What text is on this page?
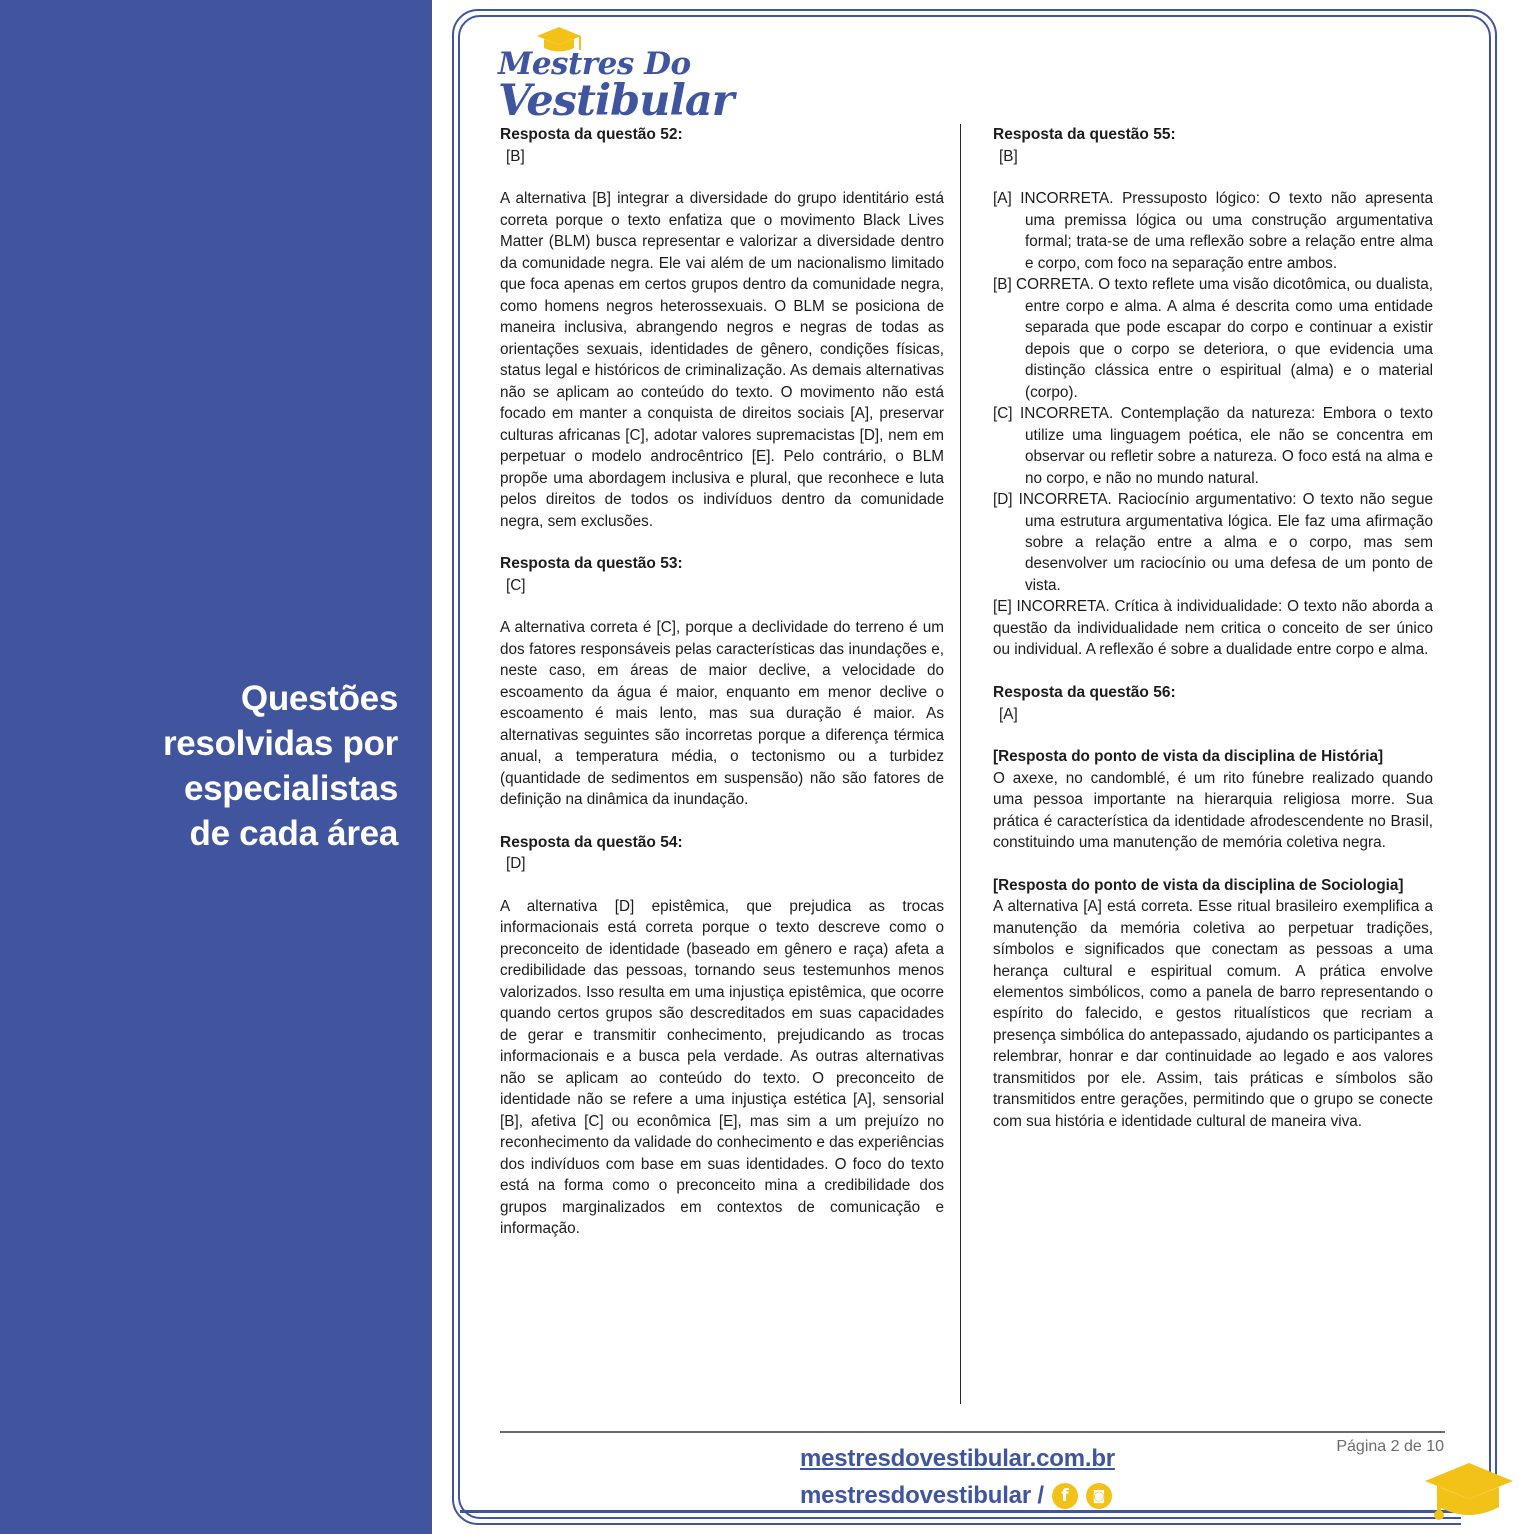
Questões
resolvidas por
especialistas
de cada área
Mestres Do
Vestibular

Resposta da questão 52:

[B]

A alternativa [B] integrar a diversidade do grupo identitário está correta porque o texto enfatiza que o movimento Black Lives Matter (BLM) busca representar e valorizar a diversidade dentro da comunidade negra. Ele vai além de um nacionalismo limitado que foca apenas em certos grupos dentro da comunidade negra, como homens negros heterossexuais. O BLM se posiciona de maneira inclusiva, abrangendo negros e negras de todas as orientações sexuais, identidades de gênero, condições físicas, status legal e históricos de criminalização. As demais alternativas não se aplicam ao conteúdo do texto. O movimento não está focado em manter a conquista de direitos sociais [A], preservar culturas africanas [C], adotar valores supremacistas [D], nem em perpetuar o modelo androcêntrico [E]. Pelo contrário, o BLM propõe uma abordagem inclusiva e plural, que reconhece e luta pelos direitos de todos os indivíduos dentro da comunidade negra, sem exclusões.

Resposta da questão 53:

[C]

A alternativa correta é [C], porque a declividade do terreno é um dos fatores responsáveis pelas características das inundações e, neste caso, em áreas de maior declive, a velocidade do escoamento da água é maior, enquanto em menor declive o escoamento é mais lento, mas sua duração é maior. As alternativas seguintes são incorretas porque a diferença térmica anual, a temperatura média, o tectonismo ou a turbidez (quantidade de sedimentos em suspensão) não são fatores de definição na dinâmica da inundação.

Resposta da questão 54:

[D]

A alternativa [D] epistêmica, que prejudica as trocas informacionais está correta porque o texto descreve como o preconceito de identidade (baseado em gênero e raça) afeta a credibilidade das pessoas, tornando seus testemunhos menos valorizados. Isso resulta em uma injustiça epistêmica, que ocorre quando certos grupos são descreditados em suas capacidades de gerar e transmitir conhecimento, prejudicando as trocas informacionais e a busca pela verdade. As outras alternativas não se aplicam ao conteúdo do texto. O preconceito de identidade não se refere a uma injustiça estética [A], sensorial [B], afetiva [C] ou econômica [E], mas sim a um prejuízo no reconhecimento da validade do conhecimento e das experiências dos indivíduos com base em suas identidades. O foco do texto está na forma como o preconceito mina a credibilidade dos grupos marginalizados em contextos de comunicação e informação.

Resposta da questão 55:

[B]

[A] INCORRETA. Pressuposto lógico: O texto não apresenta uma premissa lógica ou uma construção argumentativa formal; trata-se de uma reflexão sobre a relação entre alma e corpo, com foco na separação entre ambos.

[B] CORRETA. O texto reflete uma visão dicotômica, ou dualista, entre corpo e alma. A alma é descrita como uma entidade separada que pode escapar do corpo e continuar a existir depois que o corpo se deteriora, o que evidencia uma distinção clássica entre o espiritual (alma) e o material (corpo).

[C] INCORRETA. Contemplação da natureza: Embora o texto utilize uma linguagem poética, ele não se concentra em observar ou refletir sobre a natureza. O foco está na alma e no corpo, e não no mundo natural.

[D] INCORRETA. Raciocínio argumentativo: O texto não segue uma estrutura argumentativa lógica. Ele faz uma afirmação sobre a relação entre a alma e o corpo, mas sem desenvolver um raciocínio ou uma defesa de um ponto de vista.

[E] INCORRETA. Crítica à individualidade: O texto não aborda a questão da individualidade nem critica o conceito de ser único ou individual. A reflexão é sobre a dualidade entre corpo e alma.

Resposta da questão 56:

[A]

[Resposta do ponto de vista da disciplina de História]

O axexe, no candomblé, é um rito fúnebre realizado quando uma pessoa importante na hierarquia religiosa morre. Sua prática é característica da identidade afrodescendente no Brasil, constituindo uma manutenção de memória coletiva negra.

[Resposta do ponto de vista da disciplina de Sociologia]

A alternativa [A] está correta. Esse ritual brasileiro exemplifica a manutenção da memória coletiva ao perpetuar tradições, símbolos e significados que conectam as pessoas a uma herança cultural e espiritual comum. A prática envolve elementos simbólicos, como a panela de barro representando o espírito do falecido, e gestos ritualísticos que recriam a presença simbólica do antepassado, ajudando os participantes a relembrar, honrar e dar continuidade ao legado e aos valores transmitidos por ele. Assim, tais práticas e símbolos são transmitidos entre gerações, permitindo que o grupo se conecte com sua história e identidade cultural de maneira viva.

mestresdovestibular.com.br
mestresdovestibular /	f	◙
Página 2 de 10
